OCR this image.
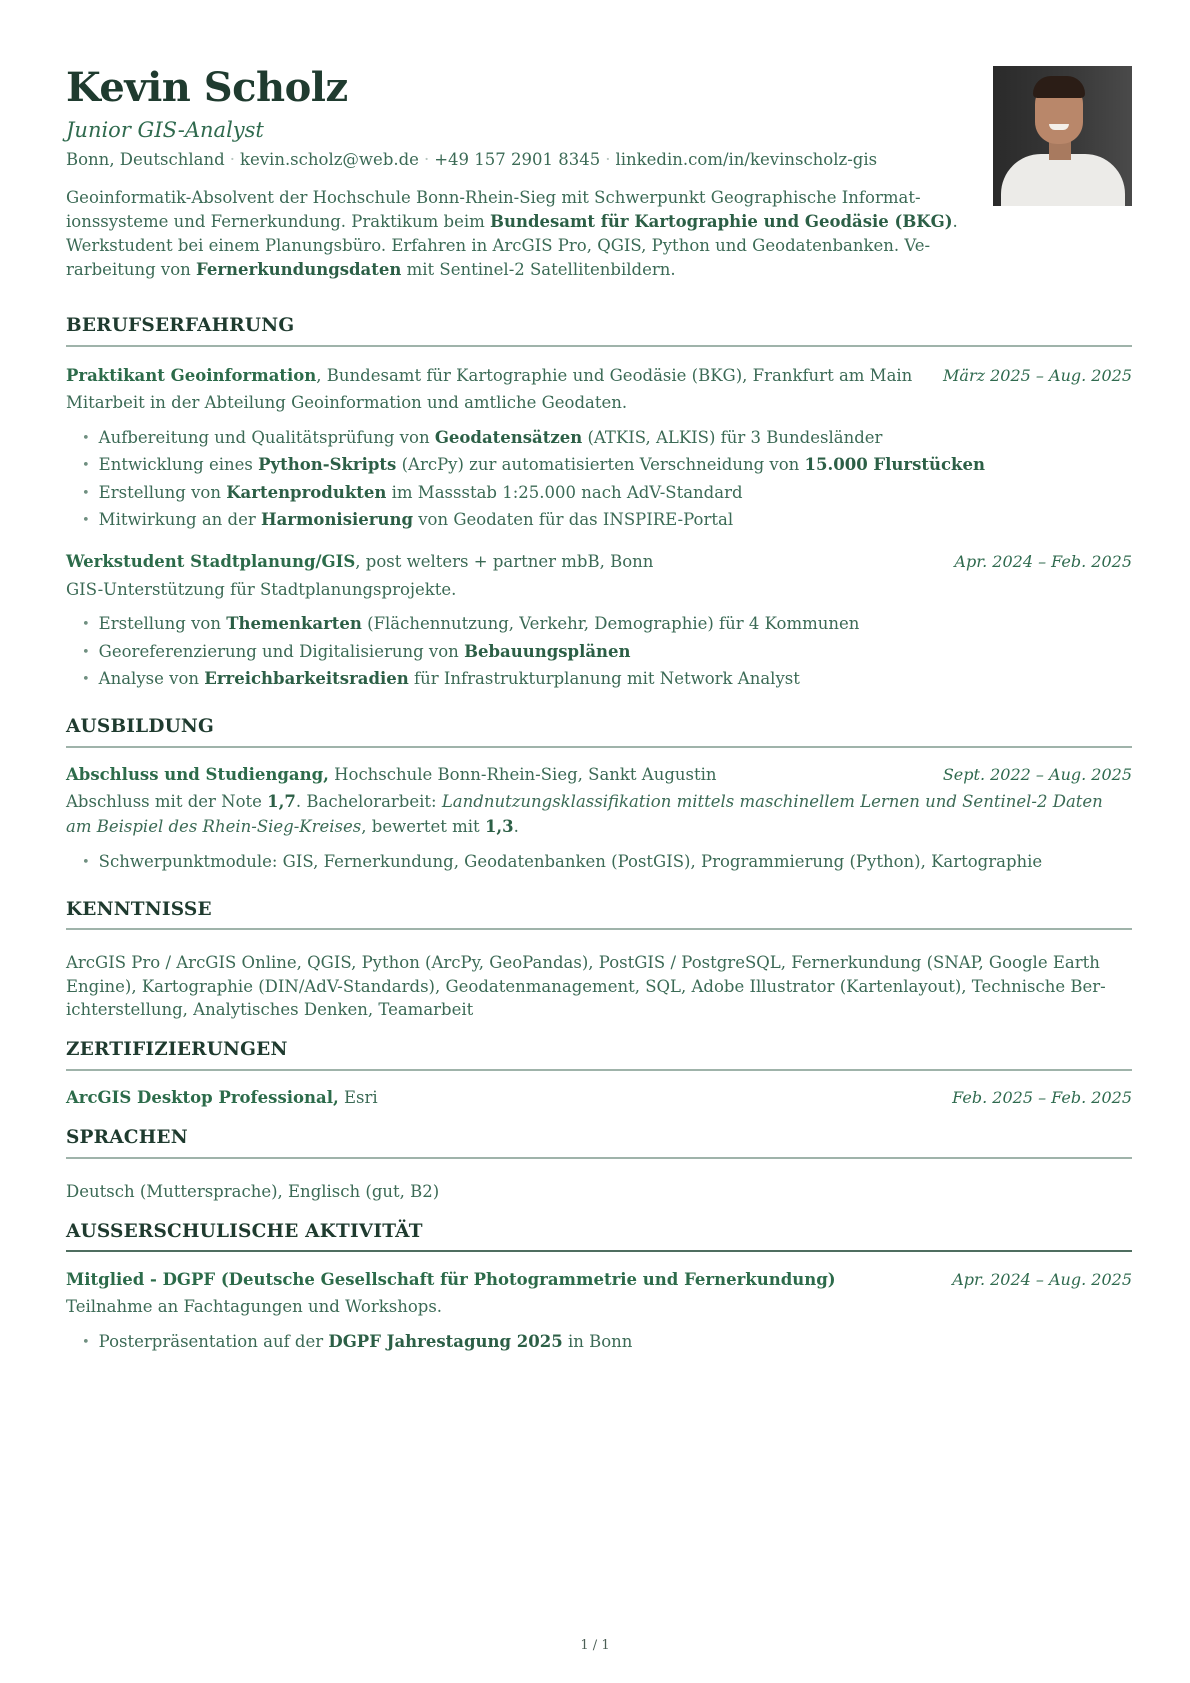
Kevin Scholz
Junior GIS-Analyst
Bonn, Deutschland · kevin.scholz@web.de · +49 157 2901 8345 · linkedin.com/in/kevinscholz-gis
Geoinformatik-Absolvent der Hochschule Bonn-Rhein-Sieg mit Schwerpunkt Geographische Informat-ionssysteme und Fernerkundung. Praktikum beim Bundesamt für Kartographie und Geodäsie (BKG). Werkstudent bei einem Planungsbüro. Erfahren in ArcGIS Pro, QGIS, Python und Geodatenbanken. Ve-rarbeitung von Fernerkundungsdaten mit Sentinel-2 Satellitenbildern.
BERUFSERFAHRUNG
Praktikant Geoinformation, Bundesamt für Kartographie und Geodäsie (BKG), Frankfurt am Main März 2025 – Aug. 2025
Mitarbeit in der Abteilung Geoinformation und amtliche Geodaten.
• Aufbereitung und Qualitätsprüfung von Geodatensätzen (ATKIS, ALKIS) für 3 Bundesländer
• Entwicklung eines Python-Skripts (ArcPy) zur automatisierten Verschneidung von 15.000 Flurstücken
• Erstellung von Kartenprodukten im Massstab 1:25.000 nach AdV-Standard
• Mitwirkung an der Harmonisierung von Geodaten für das INSPIRE-Portal
Werkstudent Stadtplanung/GIS, post welters + partner mbB, Bonn	Apr. 2024 – Feb. 2025
GIS-Unterstützung für Stadtplanungsprojekte.
• Erstellung von Themenkarten (Flächennutzung, Verkehr, Demographie) für 4 Kommunen
• Georeferenzierung und Digitalisierung von Bebauungsplänen
• Analyse von Erreichbarkeitsradien für Infrastrukturplanung mit Network Analyst
AUSBILDUNG
Abschluss und Studiengang, Hochschule Bonn-Rhein-Sieg, Sankt Augustin	Sept. 2022 – Aug. 2025
Abschluss mit der Note 1,7. Bachelorarbeit: Landnutzungsklassifikation mittels maschinellem Lernen und Sentinel-2 Daten
am Beispiel des Rhein-Sieg-Kreises, bewertet mit 1,3.
• Schwerpunktmodule: GIS, Fernerkundung, Geodatenbanken (PostGIS), Programmierung (Python), Kartographie
KENNTNISSE
ArcGIS Pro / ArcGIS Online, QGIS, Python (ArcPy, GeoPandas), PostGIS / PostgreSQL, Fernerkundung (SNAP, Google Earth
Engine), Kartographie (DIN/AdV-Standards), Geodatenmanagement, SQL, Adobe Illustrator (Kartenlayout), Technische Ber-
ichterstellung, Analytisches Denken, Teamarbeit
ZERTIFIZIERUNGEN
ArcGIS Desktop Professional, Esri	Feb. 2025 – Feb. 2025
SPRACHEN
Deutsch (Muttersprache), Englisch (gut, B2)
AUSSERSCHULISCHE AKTIVITÄT
Mitglied - DGPF (Deutsche Gesellschaft für Photogrammetrie und Fernerkundung)	Apr. 2024 – Aug. 2025
Teilnahme an Fachtagungen und Workshops.
• Posterpräsentation auf der DGPF Jahrestagung 2025 in Bonn
1 / 1
